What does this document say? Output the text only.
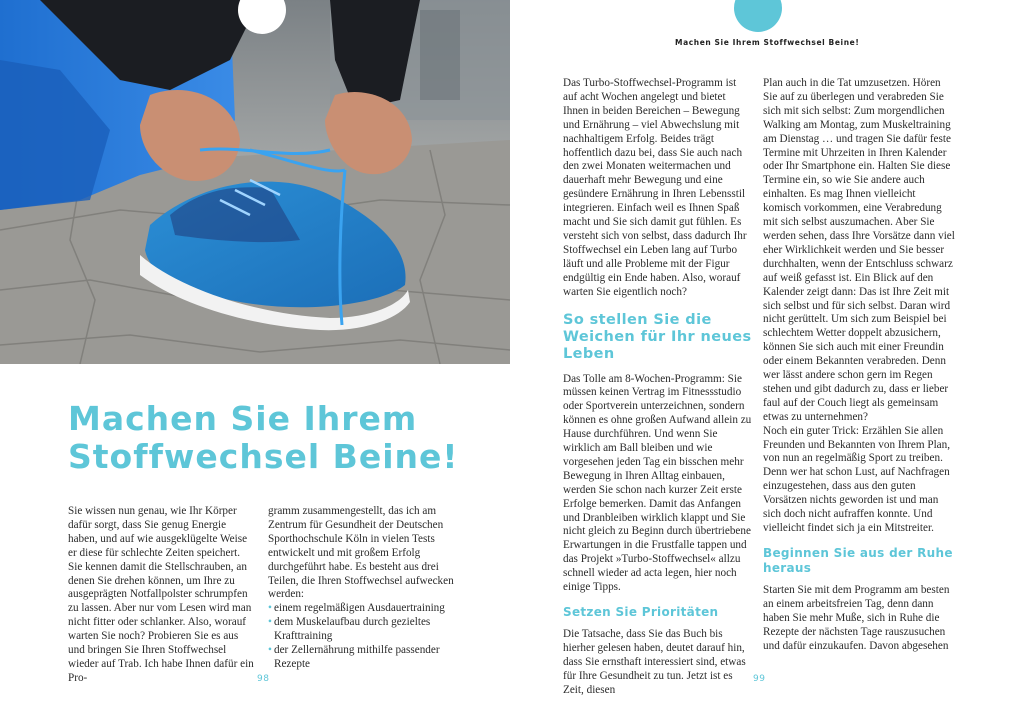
Machen Sie Ihrem
Stoffwechsel Beine!

Sie wissen nun genau, wie Ihr Körper dafür sorgt, dass Sie genug Energie haben, und auf wie ausgeklügelte Weise er diese für schlechte Zeiten speichert. Sie kennen damit die Stellschrauben, an denen Sie drehen können, um Ihre zu ausgeprägten Notfallpolster schrumpfen zu lassen. Aber nur vom Lesen wird man nicht fitter oder schlanker. Also, worauf warten Sie noch? Probieren Sie es aus und bringen Sie Ihren Stoffwechsel wieder auf Trab. Ich habe Ihnen dafür ein Pro-

gramm zusammengestellt, das ich am Zentrum für Gesundheit der Deutschen Sporthochschule Köln in vielen Tests entwickelt und mit großem Erfolg durchgeführt habe. Es besteht aus drei Teilen, die Ihren Stoffwechsel aufwecken werden:

• einem regelmäßigen Ausdauertraining
• dem Muskelaufbau durch gezieltes Krafttraining
• der Zellernährung mithilfe passender Rezepte
98
Machen Sie Ihrem Stoffwechsel Beine!

Das Turbo-Stoffwechsel-Programm ist auf acht Wochen angelegt und bietet Ihnen in beiden Bereichen – Bewegung und Ernährung – viel Abwechslung mit nachhaltigem Erfolg. Beides trägt hoffentlich dazu bei, dass Sie auch nach den zwei Monaten weitermachen und dauerhaft mehr Bewegung und eine gesündere Ernährung in Ihren Lebensstil integrieren. Einfach weil es Ihnen Spaß macht und Sie sich damit gut fühlen. Es versteht sich von selbst, dass dadurch Ihr Stoffwechsel ein Leben lang auf Turbo läuft und alle Probleme mit der Figur endgültig ein Ende haben. Also, worauf warten Sie eigentlich noch?

So stellen Sie die Weichen für Ihr neues Leben

Das Tolle am 8-Wochen-Programm: Sie müssen keinen Vertrag im Fitnessstudio oder Sportverein unterzeichnen, sondern können es ohne großen Aufwand allein zu Hause durchführen. Und wenn Sie wirklich am Ball bleiben und wie vorgesehen jeden Tag ein bisschen mehr Bewegung in Ihren Alltag einbauen, werden Sie schon nach kurzer Zeit erste Erfolge bemerken. Damit das Anfangen und Dranbleiben wirklich klappt und Sie nicht gleich zu Beginn durch übertriebene Erwartungen in die Frustfalle tappen und das Projekt »Turbo-Stoffwechsel« allzu schnell wieder ad acta legen, hier noch einige Tipps.

Setzen Sie Prioritäten

Die Tatsache, dass Sie das Buch bis hierher gelesen haben, deutet darauf hin, dass Sie ernsthaft interessiert sind, etwas für Ihre Gesundheit zu tun. Jetzt ist es Zeit, diesen

Plan auch in die Tat umzusetzen. Hören Sie auf zu überlegen und verabreden Sie sich mit sich selbst: Zum morgendlichen Walking am Montag, zum Muskeltraining am Dienstag … und tragen Sie dafür feste Termine mit Uhrzeiten in Ihren Kalender oder Ihr Smartphone ein. Halten Sie diese Termine ein, so wie Sie andere auch einhalten. Es mag Ihnen vielleicht komisch vorkommen, eine Verabredung mit sich selbst auszumachen. Aber Sie werden sehen, dass Ihre Vorsätze dann viel eher Wirklichkeit werden und Sie besser durchhalten, wenn der Entschluss schwarz auf weiß gefasst ist. Ein Blick auf den Kalender zeigt dann: Das ist Ihre Zeit mit sich selbst und für sich selbst. Daran wird nicht gerüttelt. Um sich zum Beispiel bei schlechtem Wetter doppelt abzusichern, können Sie sich auch mit einer Freundin oder einem Bekannten verabreden. Denn wer lässt andere schon gern im Regen stehen und gibt dadurch zu, dass er lieber faul auf der Couch liegt als gemeinsam etwas zu unternehmen?

Noch ein guter Trick: Erzählen Sie allen Freunden und Bekannten von Ihrem Plan, von nun an regelmäßig Sport zu treiben. Denn wer hat schon Lust, auf Nachfragen einzugestehen, dass aus den guten Vorsätzen nichts geworden ist und man sich doch nicht aufraffen konnte. Und vielleicht findet sich ja ein Mitstreiter.

Beginnen Sie aus der Ruhe heraus

Starten Sie mit dem Programm am besten an einem arbeitsfreien Tag, denn dann haben Sie mehr Muße, sich in Ruhe die Rezepte der nächsten Tage rauszusuchen und dafür einzukaufen. Davon abgesehen

99
